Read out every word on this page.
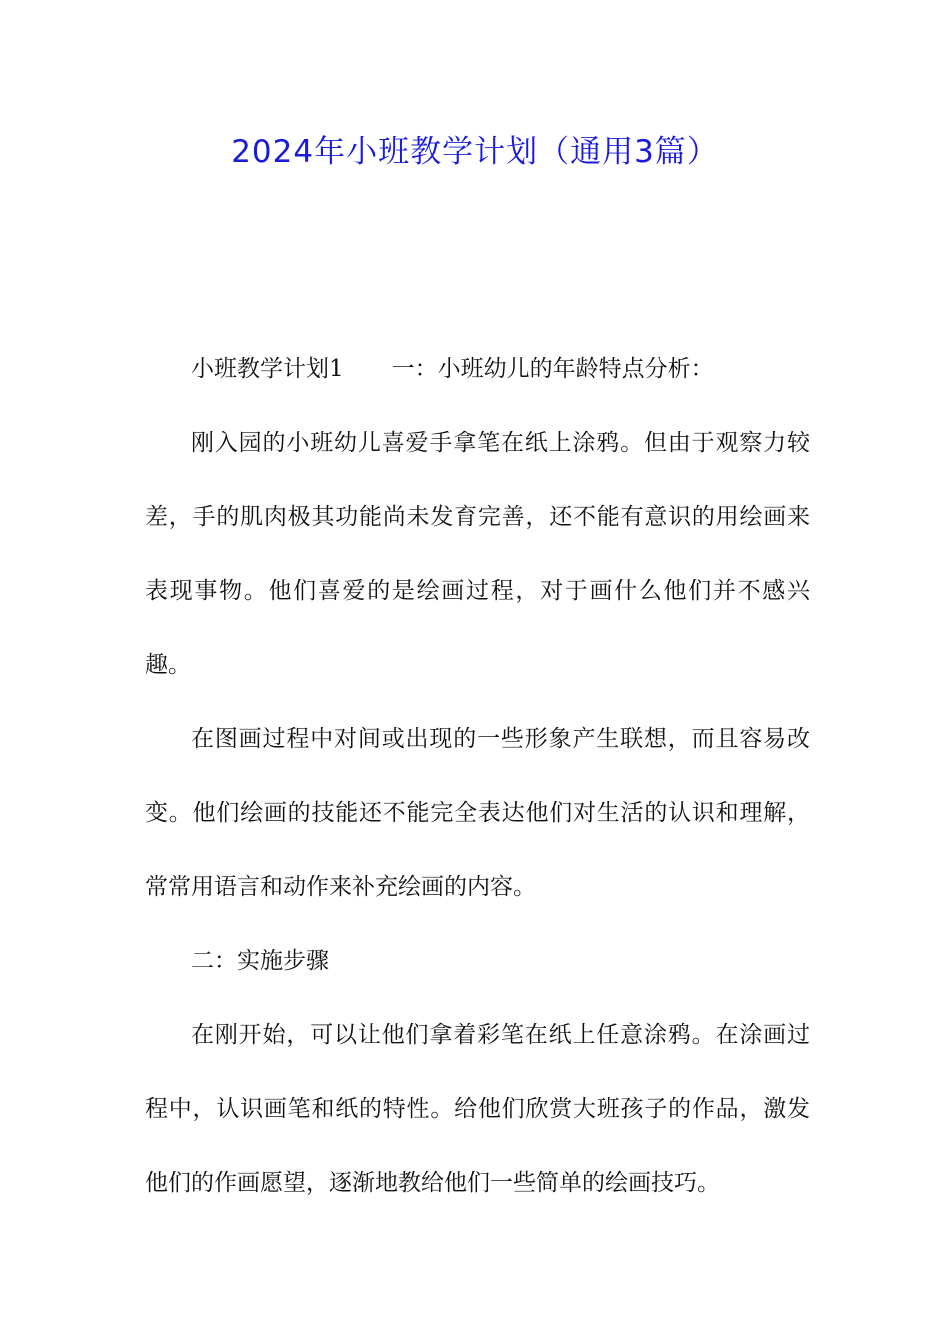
2024年小班教学计划（通用3篇）

小班教学计划1 一：小班幼儿的年龄特点分析：

刚入园的小班幼儿喜爱手拿笔在纸上涂鸦。但由于观察力较差，手的肌肉极其功能尚未发育完善，还不能有意识的用绘画来表现事物。他们喜爱的是绘画过程，对于画什么他们并不感兴趣。

在图画过程中对间或出现的一些形象产生联想，而且容易改变。他们绘画的技能还不能完全表达他们对生活的认识和理解，常常用语言和动作来补充绘画的内容。

二：实施步骤

在刚开始，可以让他们拿着彩笔在纸上任意涂鸦。在涂画过程中，认识画笔和纸的特性。给他们欣赏大班孩子的作品，激发他们的作画愿望，逐渐地教给他们一些简单的绘画技巧。
